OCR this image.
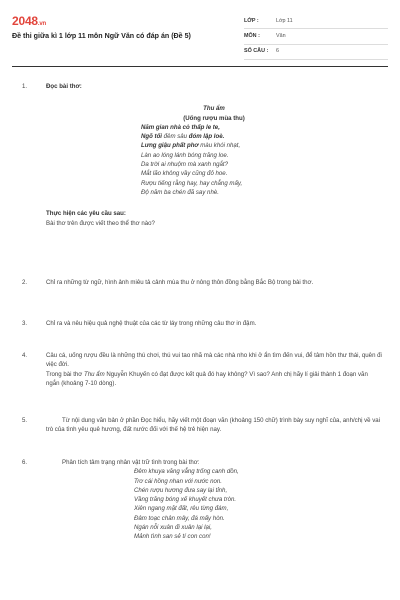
2048.vn
Đề thi giữa kì 1 lớp 11 môn Ngữ Văn có đáp án (Đề 5)
LỚP :	Lớp 11
MÔN :	Văn
SỐ CÂU :	6
1.	Đọc bài thơ:
Thu ẩm
(Uống rượu mùa thu)
Năm gian nhà cỏ thấp le te,
Ngõ tối đêm sâu đóm lập loè.
Lưng giậu phất phơ màu khói nhạt,
Làn ao lóng lánh bóng trăng loe.
Da trời ai nhuộm mà xanh ngắt?
Mắt lão không vầy cũng đỏ hoe.
Rượu tiếng rằng hay, hay chẳng mấy,
Độ năm ba chén đã say nhè.
Thực hiện các yêu cầu sau:
Bài thơ trên được viết theo thể thơ nào?
2.	Chỉ ra những từ ngữ, hình ảnh miêu tả cảnh mùa thu ở nông thôn đồng bằng Bắc Bộ trong bài thơ.
3.	Chỉ ra và nêu hiệu quả nghệ thuật của các từ láy trong những câu thơ in đậm.
4.	Câu cá, uống rượu đều là những thú chơi, thú vui tao nhã mà các nhà nho khi ở ẩn tìm đến vui, để tâm hồn thư thái, quên đi việc đời.
Trong bài thơ Thu ẩm Nguyễn Khuyến có đạt được kết quả đó hay không? Vì sao? Anh chị hãy lí giải thành 1 đoạn văn ngắn (khoảng 7-10 dòng).
5.	Từ nội dung văn bản ở phần Đọc hiểu, hãy viết một đoạn văn (khoảng 150 chữ) trình bày suy nghĩ của, anh/chị về vai trò của tình yêu quê hương, đất nước đối với thế hệ trẻ hiện nay.
6.	Phân tích tâm trạng nhân vật trữ tình trong bài thơ:
Đêm khuya văng vẳng trống canh dồn,
Trơ cái hồng nhan với nước non.
Chén rượu hương đưa say lại tỉnh,
Vầng trăng bóng xế khuyết chưa tròn.
Xiên ngang mặt đất, rêu từng đám,
Đâm toạc chân mây, đá mấy hòn.
Ngán nỗi xuân đi xuân lại lại,
Mảnh tình san sẻ tí con con!
